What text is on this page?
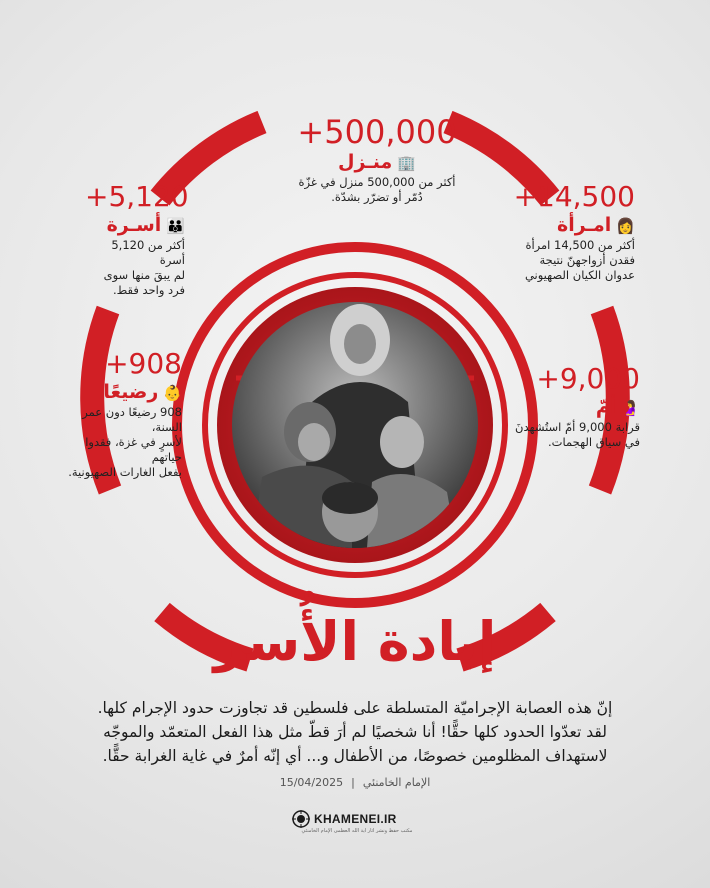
+500,000
🏢منـزل
أكثر من 500,000 منزل في غزّة
دُمّر أو تضرّر بشدّة.
+5,120
👪أسـرة
أكثر من 5,120 أسرة
لم يبقَ منها سوى
فرد واحد فقط.
+14,500
👩امـرأة
أكثر من 14,500 امرأة
فقدن أزواجهنّ نتيجة
عدوان الكيان الصهيوني
+908
👶رضيعًا
908 رضيعًا دون عمر السنة،
لأسرٍ في غزة، فقدوا حياتهم
بفعل الغارات الصهيونية.
+9,000
🤰أمّ
قرابة 9,000 أمّ استُشهدنَ
في سياق الهجمات.
إبادة الأُسر
إنّ هذه العصابة الإجراميّة المتسلطة على فلسطين قد تجاوزت حدود الإجرام كلها.
لقد تعدّوا الحدود كلها حقًّا! أنا شخصيًا لم أرَ قطّ مثل هذا الفعل المتعمّد والموجّه
لاستهداف المظلومين خصوصًا، من الأطفال و... أي إنّه أمرٌ في غاية الغرابة حقًّا.
الإمام الخامنئي|15/04/2025
KHAMENEI.IR
مكتب حفظ ونشر آثار آية الله العظمى الإمام الخامنئي
